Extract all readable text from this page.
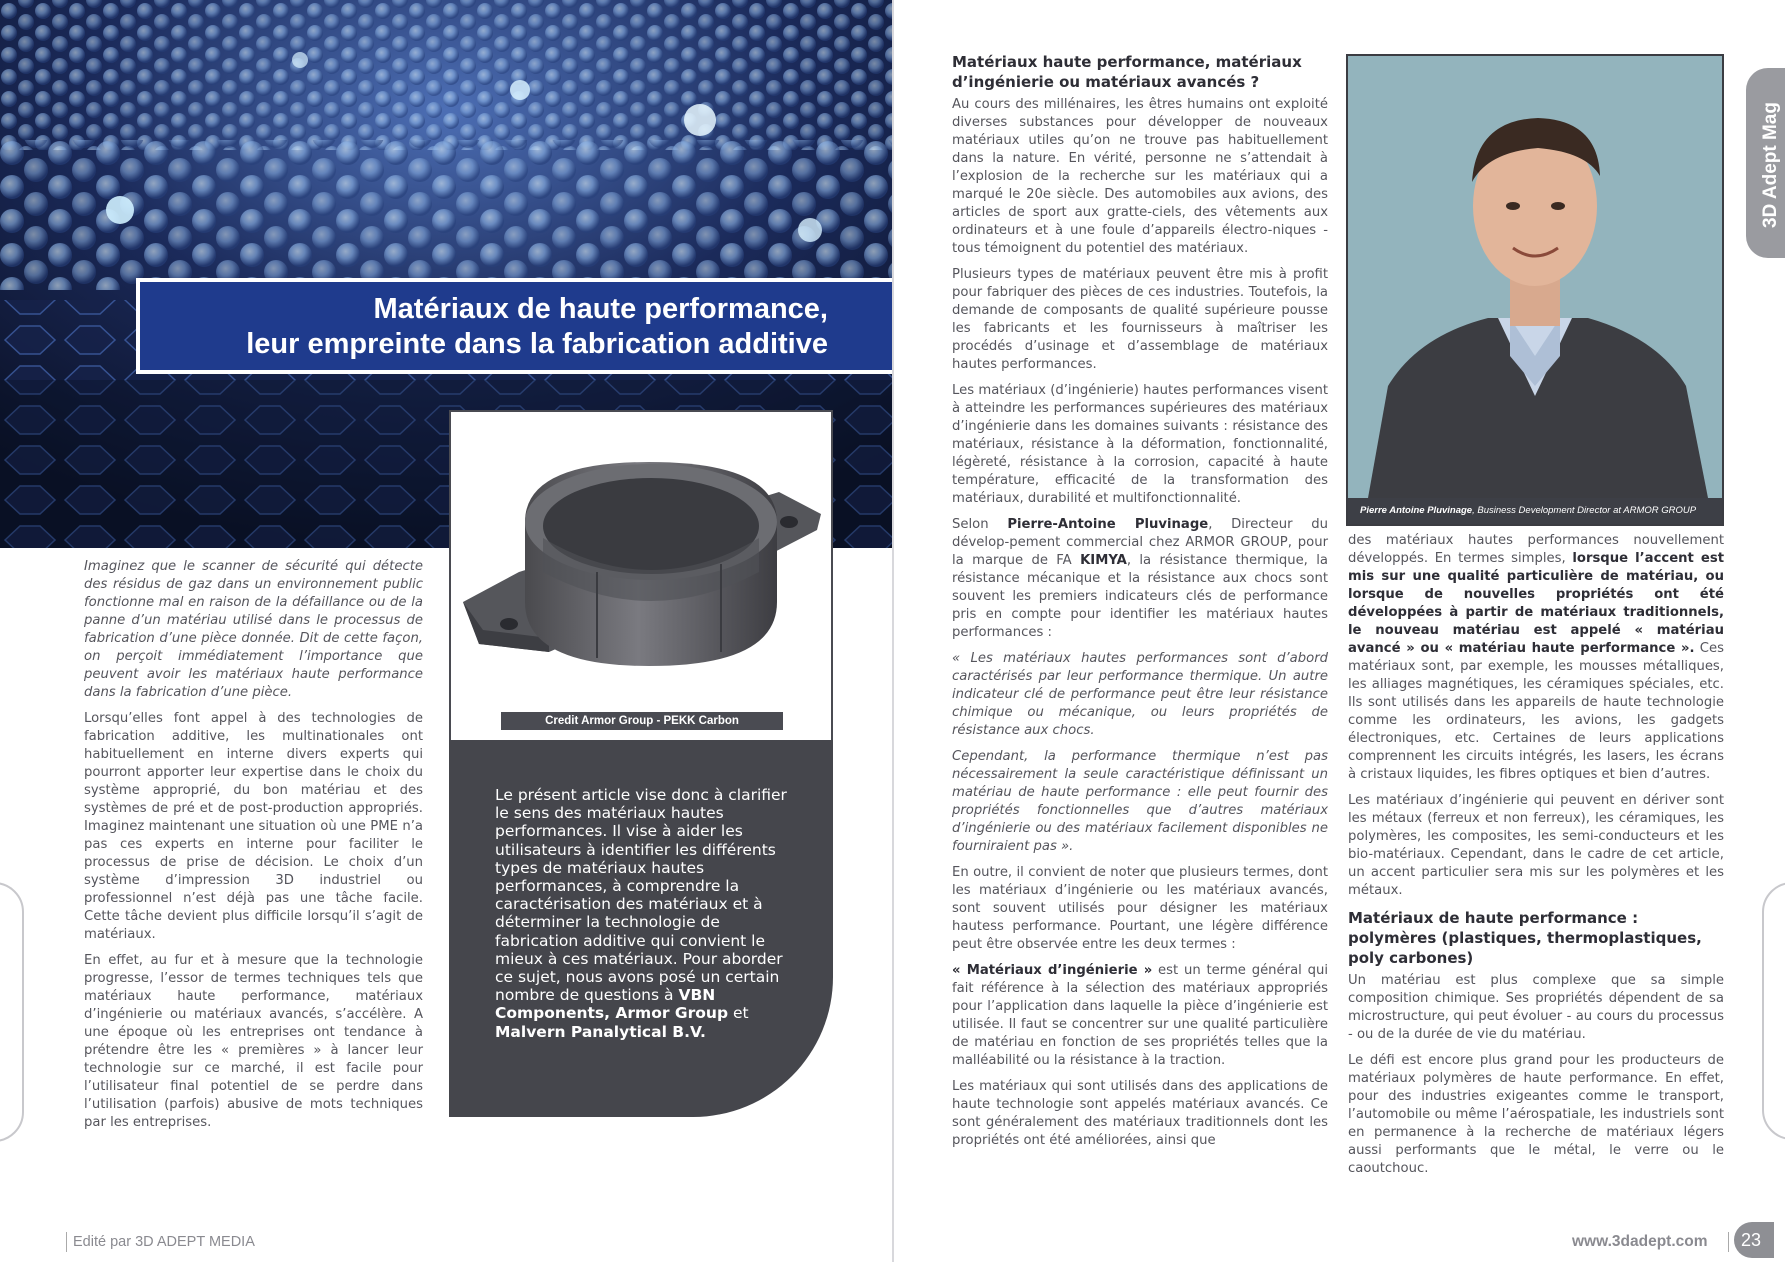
Matériaux de haute performance,
leur empreinte dans la fabrication additive

Imaginez que le scanner de sécurité qui détecte des résidus de gaz dans un environnement public fonctionne mal en raison de la défaillance ou de la panne d’un matériau utilisé dans le processus de fabrication d’une pièce donnée. Dit de cette façon, on perçoit immédiatement l’importance que peuvent avoir les matériaux haute performance dans la fabrication d’une pièce.

Lorsqu’elles font appel à des technologies de fabrication additive, les multinationales ont habituellement en interne divers experts qui pourront apporter leur expertise dans le choix du système approprié, du bon matériau et des systèmes de pré et de post-production appropriés. Imaginez maintenant une situation où une PME n’a pas ces experts en interne pour faciliter le processus de prise de décision. Le choix d’un système d’impression 3D industriel ou professionnel n’est déjà pas une tâche facile. Cette tâche devient plus difficile lorsqu’il s’agit de matériaux.

En effet, au fur et à mesure que la technologie progresse, l’essor de termes techniques tels que matériaux haute performance, matériaux d’ingénierie ou matériaux avancés, s’accélère. A une époque où les entreprises ont tendance à prétendre être les « premières » à lancer leur technologie sur ce marché, il est facile pour l’utilisateur final potentiel de se perdre dans l’utilisation (parfois) abusive de mots techniques par les entreprises.

Credit Armor Group - PEKK Carbon
Le présent article vise donc à clarifier le sens des matériaux hautes performances. Il vise à aider les utilisateurs à identifier les différents types de matériaux hautes performances, à comprendre la caractérisation des matériaux et à déterminer la technologie de fabrication additive qui convient le mieux à ces matériaux. Pour aborder ce sujet, nous avons posé un certain nombre de questions à VBN Components, Armor Group et Malvern Panalytical B.V.
Edité par 3D ADEPT MEDIA
Matériaux haute performance, matériaux d’ingénierie ou matériaux avancés ?

Au cours des millénaires, les êtres humains ont exploité diverses substances pour développer de nouveaux matériaux utiles qu’on ne trouve pas habituellement dans la nature. En vérité, personne ne s’attendait à l’explosion de la recherche sur les matériaux qui a marqué le 20e siècle. Des automobiles aux avions, des articles de sport aux gratte-ciels, des vêtements aux ordinateurs et à une foule d’appareils électro-niques - tous témoignent du potentiel des matériaux.

Plusieurs types de matériaux peuvent être mis à profit pour fabriquer des pièces de ces industries. Toutefois, la demande de composants de qualité supérieure pousse les fabricants et les fournisseurs à maîtriser les procédés d’usinage et d’assemblage de matériaux hautes performances.

Les matériaux (d’ingénierie) hautes performances visent à atteindre les performances supérieures des matériaux d’ingénierie dans les domaines suivants : résistance des matériaux, résistance à la déformation, fonctionnalité, légèreté, résistance à la corrosion, capacité à haute température, efficacité de la transformation des matériaux, durabilité et multifonctionnalité.

Selon Pierre-Antoine Pluvinage, Directeur du dévelop-pement commercial chez ARMOR GROUP, pour la marque de FA KIMYA, la résistance thermique, la résistance mécanique et la résistance aux chocs sont souvent les premiers indicateurs clés de performance pris en compte pour identifier les matériaux hautes performances :

« Les matériaux hautes performances sont d’abord caractérisés par leur performance thermique. Un autre indicateur clé de performance peut être leur résistance chimique ou mécanique, ou leurs propriétés de résistance aux chocs.

Cependant, la performance thermique n’est pas nécessairement la seule caractéristique définissant un matériau de haute performance : elle peut fournir des propriétés fonctionnelles que d’autres matériaux d’ingénierie ou des matériaux facilement disponibles ne fourniraient pas ».

En outre, il convient de noter que plusieurs termes, dont les matériaux d’ingénierie ou les matériaux avancés, sont souvent utilisés pour désigner les matériaux hautess performance. Pourtant, une légère différence peut être observée entre les deux termes :

« Matériaux d’ingénierie » est un terme général qui fait référence à la sélection des matériaux appropriés pour l’application dans laquelle la pièce d’ingénierie est utilisée. Il faut se concentrer sur une qualité particulière de matériau en fonction de ses propriétés telles que la malléabilité ou la résistance à la traction.

Les matériaux qui sont utilisés dans des applications de haute technologie sont appelés matériaux avancés. Ce sont généralement des matériaux traditionnels dont les propriétés ont été améliorées, ainsi que

Pierre Antoine Pluvinage, Business Development Director at ARMOR GROUP

des matériaux hautes performances nouvellement développés. En termes simples, lorsque l’accent est mis sur une qualité particulière de matériau, ou lorsque de nouvelles propriétés ont été développées à partir de matériaux traditionnels, le nouveau matériau est appelé « matériau avancé » ou « matériau haute performance ». Ces matériaux sont, par exemple, les mousses métalliques, les alliages magnétiques, les céramiques spéciales, etc. Ils sont utilisés dans les appareils de haute technologie comme les ordinateurs, les avions, les gadgets électroniques, etc. Certaines de leurs applications comprennent les circuits intégrés, les lasers, les écrans à cristaux liquides, les fibres optiques et bien d’autres.

Les matériaux d’ingénierie qui peuvent en dériver sont les métaux (ferreux et non ferreux), les céramiques, les polymères, les composites, les semi-conducteurs et les bio-matériaux. Cependant, dans le cadre de cet article, un accent particulier sera mis sur les polymères et les métaux.

Matériaux de haute performance : polymères (plastiques, thermoplastiques, poly carbones)

Un matériau est plus complexe que sa simple composition chimique. Ses propriétés dépendent de sa microstructure, qui peut évoluer - au cours du processus - ou de la durée de vie du matériau.

Le défi est encore plus grand pour les producteurs de matériaux polymères de haute performance. En effet, pour des industries exigeantes comme le transport, l’automobile ou même l’aérospatiale, les industriels sont en permanence à la recherche de matériaux légers aussi performants que le métal, le verre ou le caoutchouc.

3D Adept Mag
www.3dadept.com	23
